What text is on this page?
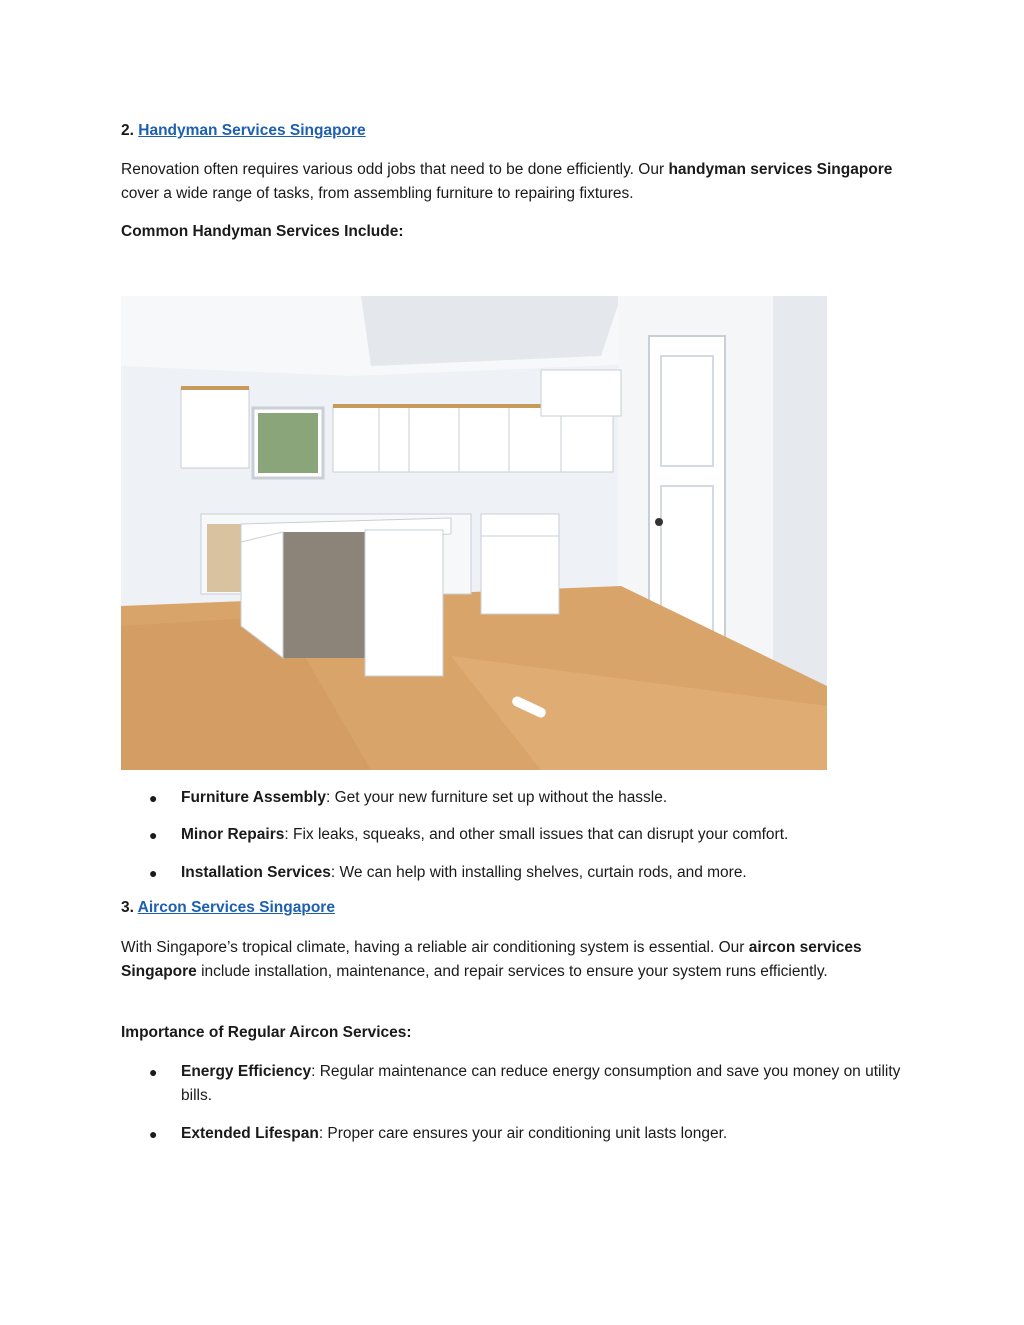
2. Handyman Services Singapore
Renovation often requires various odd jobs that need to be done efficiently. Our handyman services Singapore cover a wide range of tasks, from assembling furniture to repairing fixtures.
Common Handyman Services Include:
● Furniture Assembly: Get your new furniture set up without the hassle.
● Minor Repairs: Fix leaks, squeaks, and other small issues that can disrupt your comfort.
● Installation Services: We can help with installing shelves, curtain rods, and more.
3. Aircon Services Singapore
With Singapore’s tropical climate, having a reliable air conditioning system is essential. Our aircon services Singapore include installation, maintenance, and repair services to ensure your system runs efficiently.
Importance of Regular Aircon Services:
● Energy Efficiency: Regular maintenance can reduce energy consumption and save you money on utility bills.
● Extended Lifespan: Proper care ensures your air conditioning unit lasts longer.
